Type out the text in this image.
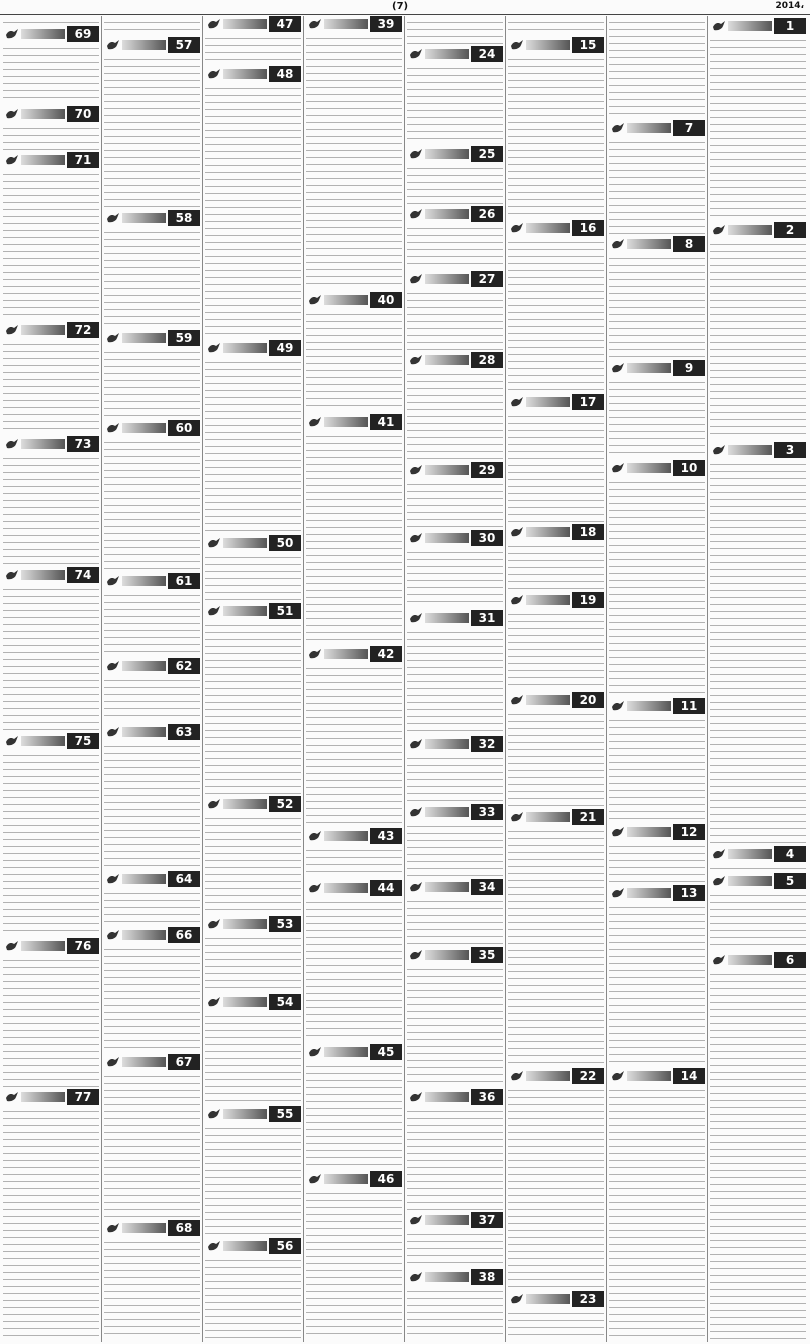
(7)	،2014
1
2
3
4
5
6
7
8
9
10
11
12
13
14
15
16
17
18
19
20
21
22
23
24
25
26
27
28
29
30
31
32
33
34
35
36
37
38
39
40
41
42
43
44
45
46
47
48
49
50
51
52
53
54
55
56
57
58
59
60
61
62
63
64
66
67
68
69
70
71
72
73
74
75
76
77
